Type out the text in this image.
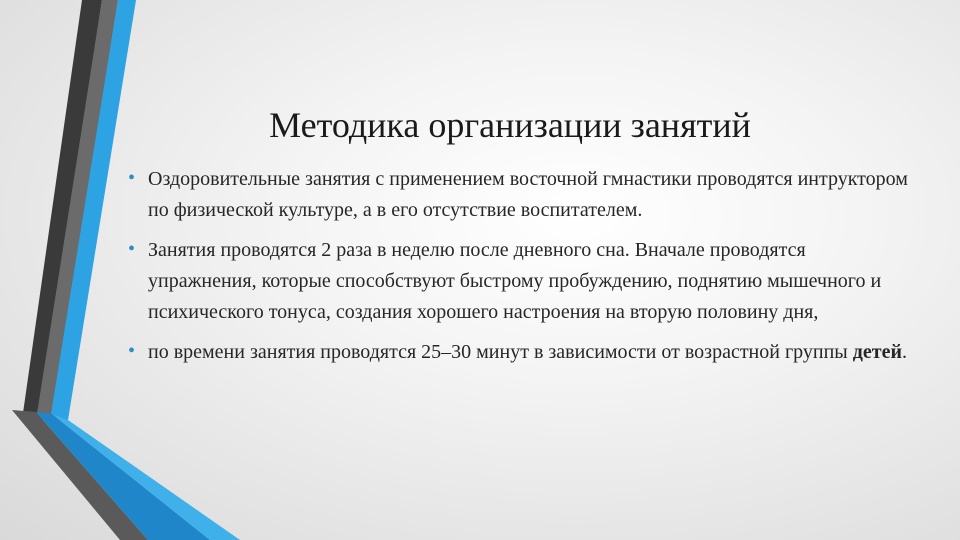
Методика организации занятий
• Оздоровительные занятия с применением восточной гмнастики проводятся интруктором по физической культуре, а в его отсутствие воспитателем.
• Занятия проводятся 2 раза в неделю после дневного сна. Вначале проводятся упражнения, которые способствуют быстрому пробуждению, поднятию мышечного и психического тонуса, создания хорошего настроения на вторую половину дня,
• по времени занятия проводятся 25–30 минут в зависимости от возрастной группы детей.
